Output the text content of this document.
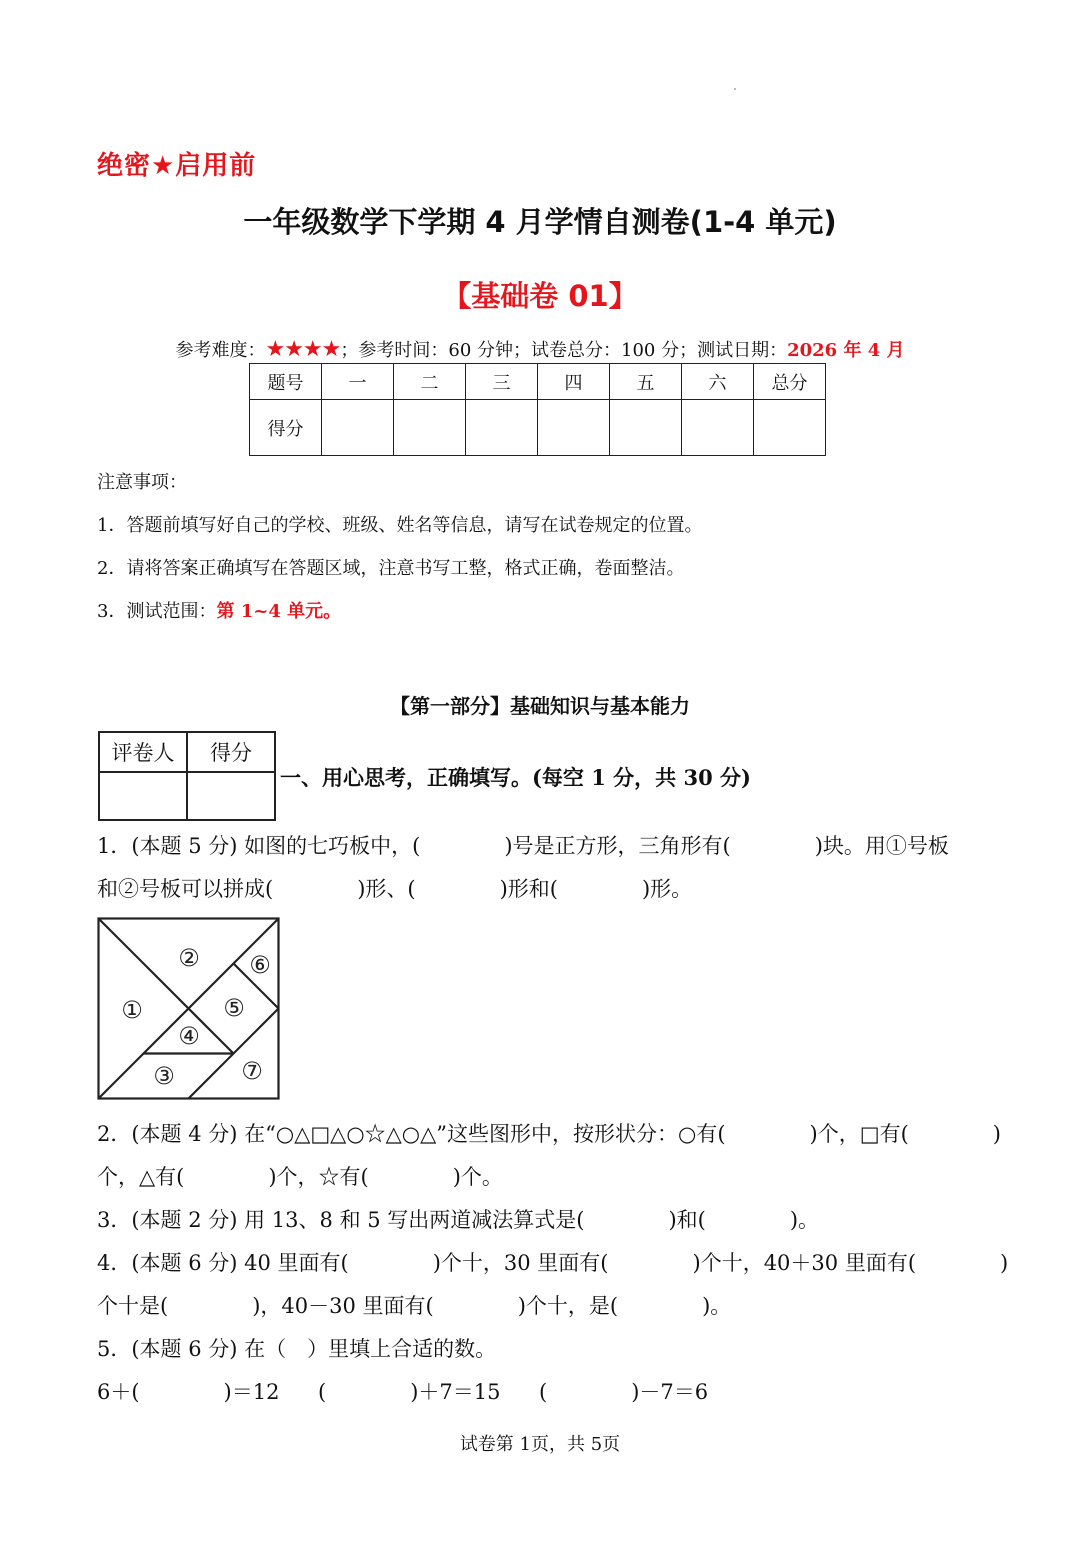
绝密★启用前
一年级数学下学期 4 月学情自测卷(1-4 单元)
【基础卷 01】
参考难度：★★★★；参考时间：60 分钟；试卷总分：100 分；测试日期：2026 年 4 月
题号	一	二	三	四	五	六	总分
得分							
注意事项：
1．答题前填写好自己的学校、班级、姓名等信息，请写在试卷规定的位置。
2．请将答案正确填写在答题区域，注意书写工整，格式正确，卷面整洁。
3．测试范围：第 1~4 单元。
【第一部分】基础知识与基本能力
评卷人	得分

一、用心思考，正确填写。(每空 1 分，共 30 分)
1．(本题 5 分) 如图的七巧板中，(　　　　)号是正方形，三角形有(　　　　)块。用①号板
和②号板可以拼成(　　　　)形、(　　　　)形和(　　　　)形。
①
②
③
④
⑤
⑥
⑦
2．(本题 4 分) 在“○△□△○☆△○△”这些图形中，按形状分：○有(　　　　)个，□有(　　　　)
个，△有(　　　　)个，☆有(　　　　)个。
3．(本题 2 分) 用 13、8 和 5 写出两道减法算式是(　　　　)和(　　　　)。
4．(本题 6 分) 40 里面有(　　　　)个十，30 里面有(　　　　)个十，40＋30 里面有(　　　　)
个十是(　　　　)，40－30 里面有(　　　　)个十，是(　　　　)。
5．(本题 6 分) 在（　）里填上合适的数。
6＋(　　　　)＝12 (　　　　)＋7＝15 (　　　　)－7＝6
试卷第 1页，共 5页
